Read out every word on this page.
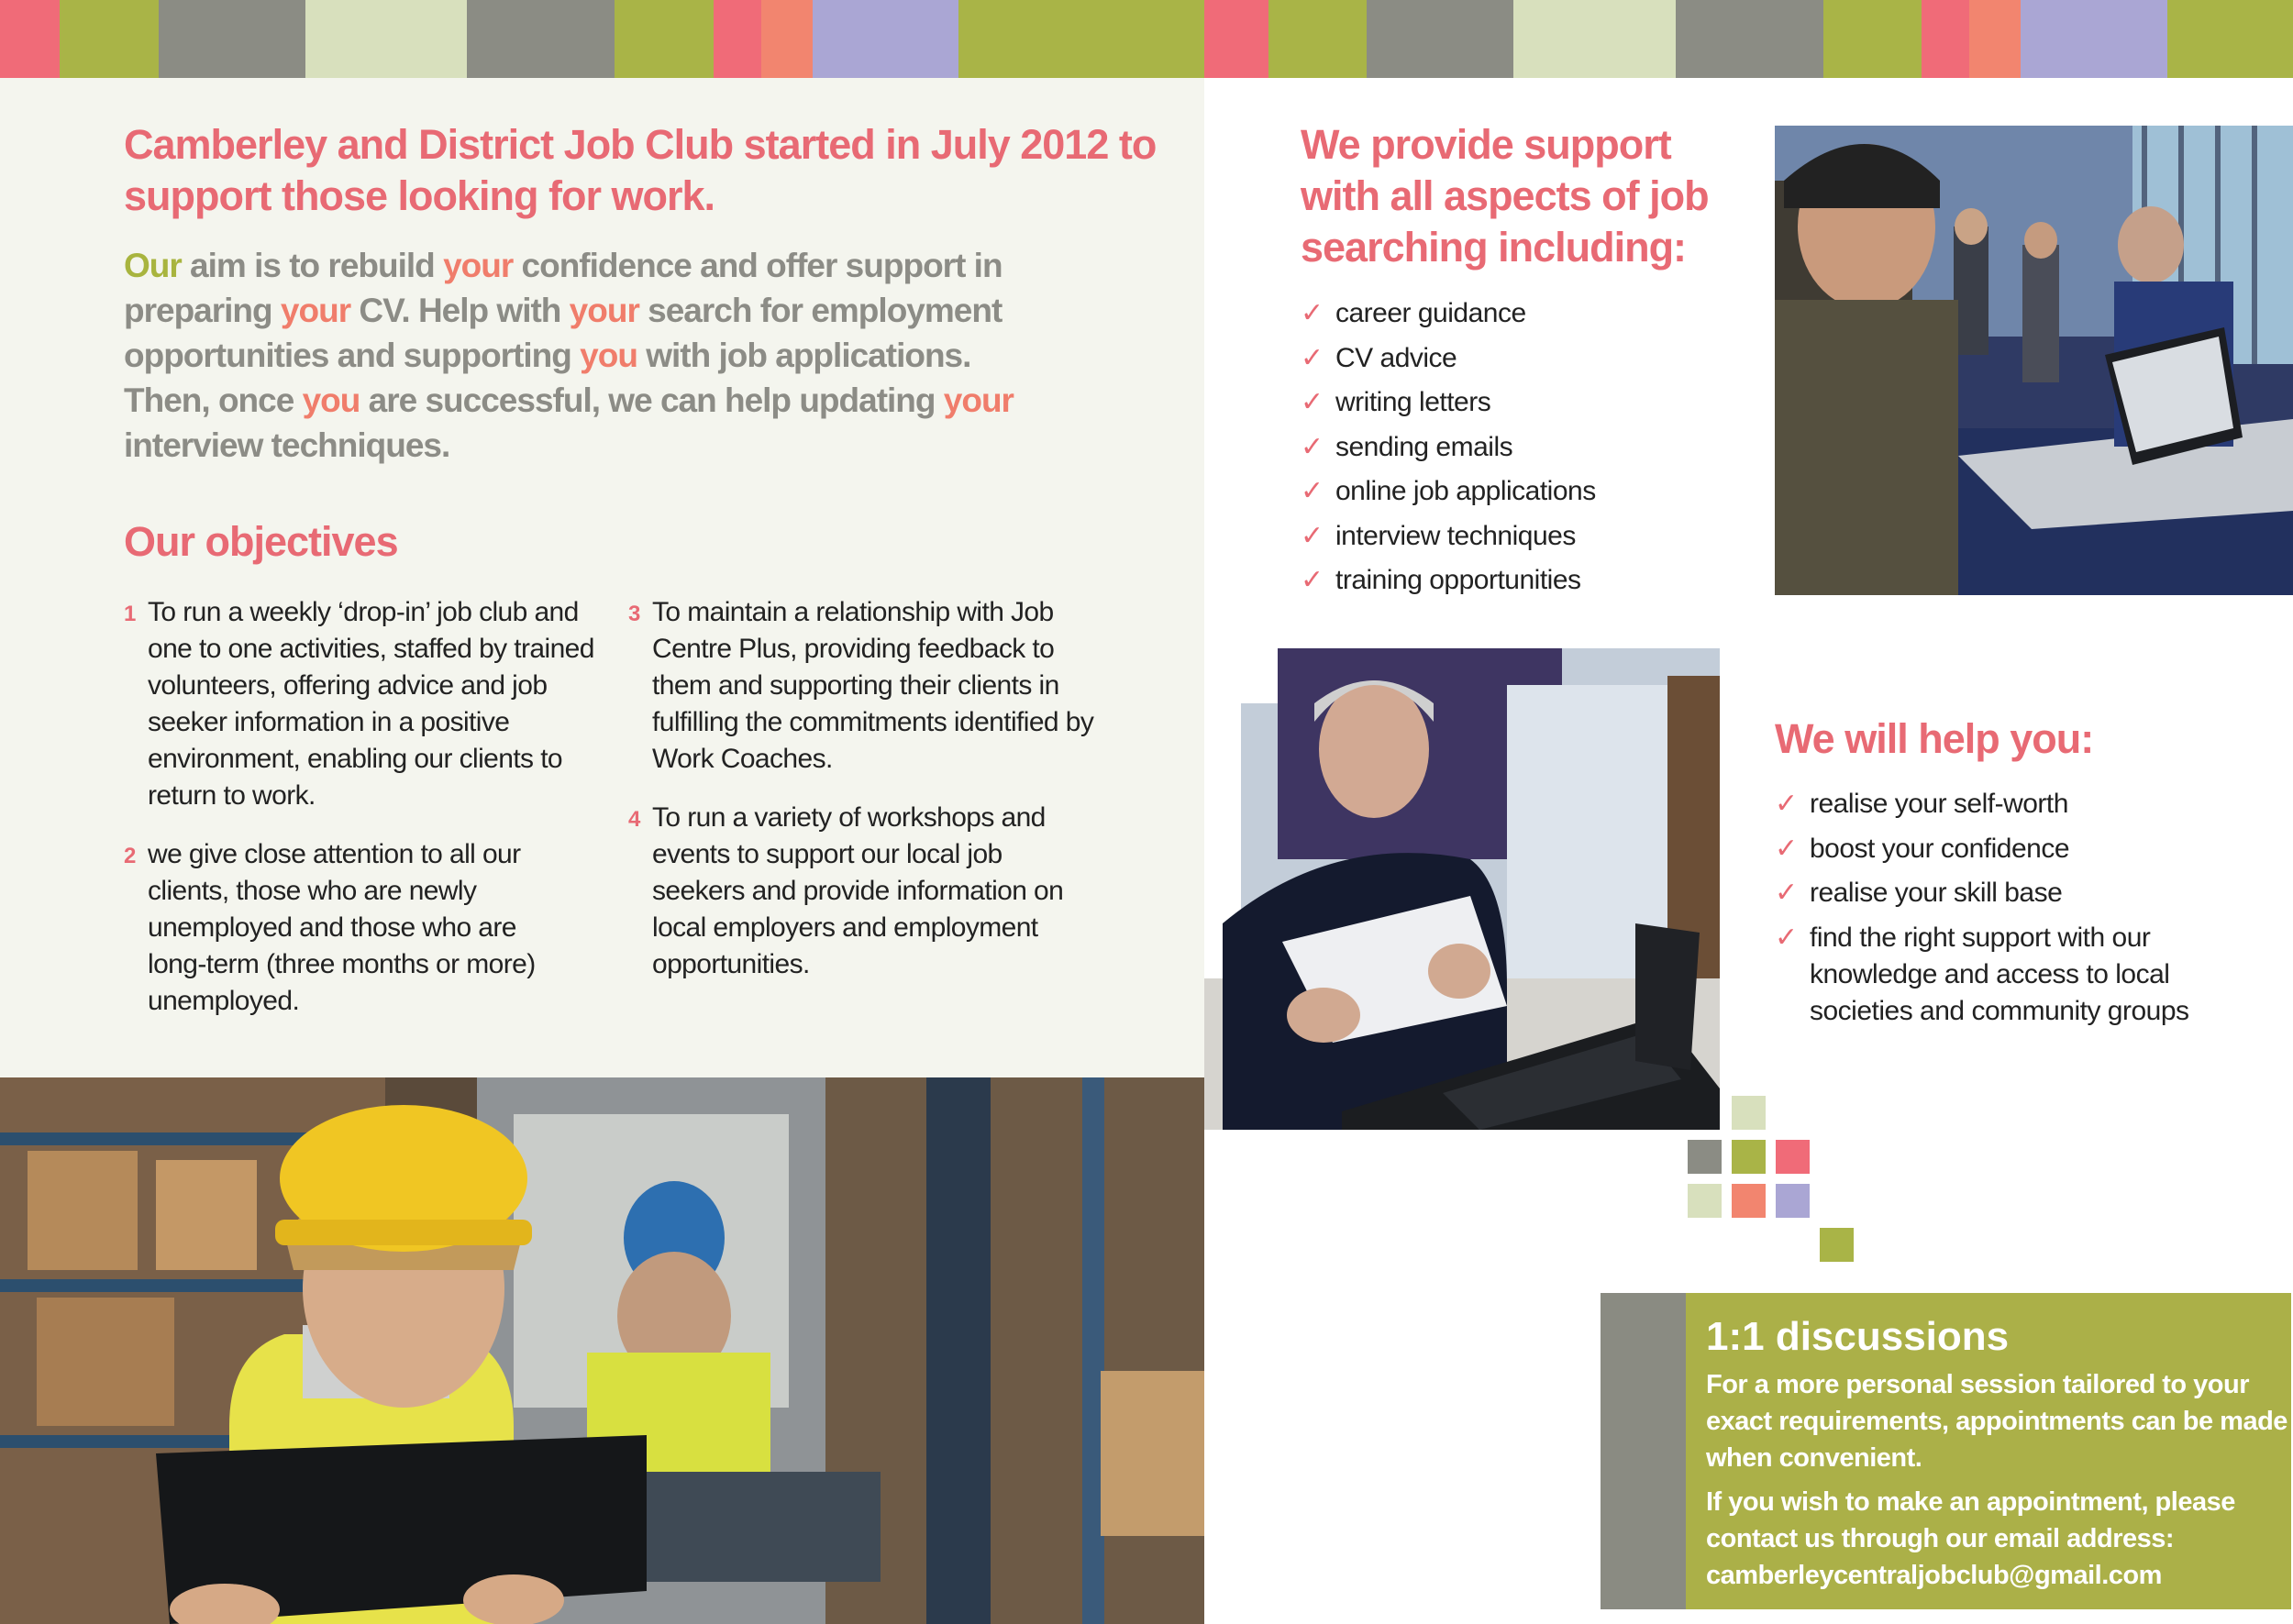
Camberley and District Job Club started in July 2012 to support those looking for work.

Our aim is to rebuild your confidence and offer support in preparing your CV. Help with your search for employment opportunities and supporting you with job applications. Then, once you are successful, we can help updating your interview techniques.

Our objectives
1 To run a weekly ‘drop-in’ job club and one to one activities, staffed by trained volunteers, offering advice and job seeker information in a positive environment, enabling our clients to return to work.
2 we give close attention to all our clients, those who are newly unemployed and those who are long-term (three months or more) unemployed.
3 To maintain a relationship with Job Centre Plus, providing feedback to them and supporting their clients in fulfilling the commitments identified by Work Coaches.
4 To run a variety of workshops and events to support our local job seekers and provide information on local employers and employment opportunities.
We provide support with all aspects of job searching including:
✓ career guidance
✓ CV advice
✓ writing letters
✓ sending emails
✓ online job applications
✓ interview techniques
✓ training opportunities
We will help you:
✓ realise your self-worth
✓ boost your confidence
✓ realise your skill base
✓ find the right support with our knowledge and access to local societies and community groups
1:1 discussions

For a more personal session tailored to your exact requirements, appointments can be made when convenient.

If you wish to make an appointment, please contact us through our email address:
camberleycentraljobclub@gmail.com
